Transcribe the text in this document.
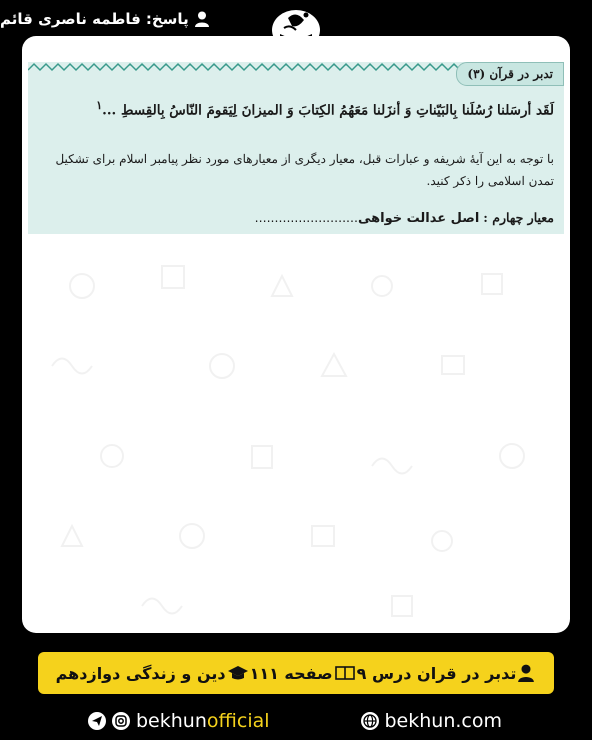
پاسخ:
فاطمه ناصری قائم
تدبر در قرآن (۳)
لَقَد أرسَلنا رُسُلَنا بِالبَيّناتِ وَ أنزَلنا مَعَهُمُ الكِتابَ وَ الميزانَ لِيَقومَ النّاسُ بِالقِسطِ ...$^۱$
با توجه به این آیهٔ شریفه و عبارات قبل، معیار دیگری از معیارهای مورد نظر پیامبر اسلام برای تشکیل تمدن اسلامی را ذکر کنید.
معیار چهارم : اصل عدالت خواهی..........................
تدبر در قران درس ۹
صفحه ۱۱۱
دین و زندگی دوازدهم
bekhunofficial	bekhun.com
